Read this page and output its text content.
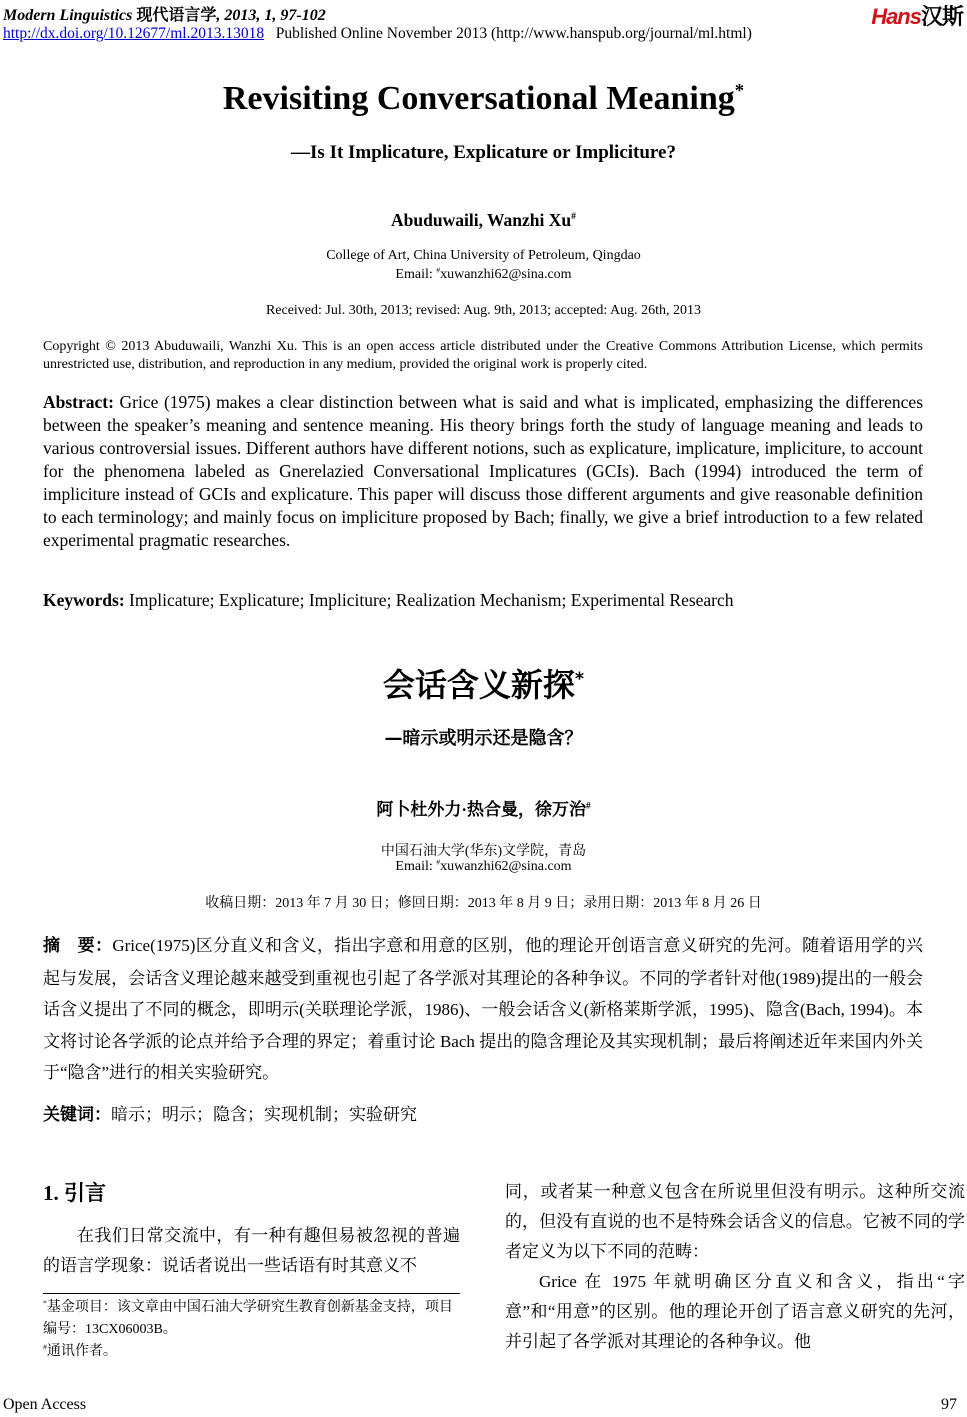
Modern Linguistics 现代语言学, 2013, 1, 97-102
http://dx.doi.org/10.12677/ml.2013.13018 Published Online November 2013 (http://www.hanspub.org/journal/ml.html)
Hans汉斯
Revisiting Conversational Meaning*
—Is It Implicature, Explicature or Impliciture?
Abuduwaili, Wanzhi Xu#
College of Art, China University of Petroleum, Qingdao
Email: #xuwanzhi62@sina.com
Received: Jul. 30th, 2013; revised: Aug. 9th, 2013; accepted: Aug. 26th, 2013
Copyright © 2013 Abuduwaili, Wanzhi Xu. This is an open access article distributed under the Creative Commons Attribution License, which permits unrestricted use, distribution, and reproduction in any medium, provided the original work is properly cited.
Abstract: Grice (1975) makes a clear distinction between what is said and what is implicated, emphasizing the differences between the speaker’s meaning and sentence meaning. His theory brings forth the study of language meaning and leads to various controversial issues. Different authors have different notions, such as explicature, implicature, impliciture, to account for the phenomena labeled as Gnerelazied Conversational Implicatures (GCIs). Bach (1994) introduced the term of impliciture instead of GCIs and explicature. This paper will discuss those different arguments and give reasonable definition to each terminology; and mainly focus on impliciture proposed by Bach; finally, we give a brief introduction to a few related experimental pragmatic researches.
Keywords: Implicature; Explicature; Impliciture; Realization Mechanism; Experimental Research
会话含义新探*
—暗示或明示还是隐含？
阿卜杜外力·热合曼，徐万治#
中国石油大学(华东)文学院，青岛
Email: #xuwanzhi62@sina.com
收稿日期：2013 年 7 月 30 日；修回日期：2013 年 8 月 9 日；录用日期：2013 年 8 月 26 日
摘　要：Grice(1975)区分直义和含义，指出字意和用意的区别，他的理论开创语言意义研究的先河。随着语用学的兴起与发展，会话含义理论越来越受到重视也引起了各学派对其理论的各种争议。不同的学者针对他(1989)提出的一般会话含义提出了不同的概念，即明示(关联理论学派，1986)、一般会话含义(新格莱斯学派，1995)、隐含(Bach, 1994)。本文将讨论各学派的论点并给予合理的界定；着重讨论 Bach 提出的隐含理论及其实现机制；最后将阐述近年来国内外关于“隐含”进行的相关实验研究。
关键词：暗示；明示；隐含；实现机制；实验研究
1. 引言
在我们日常交流中，有一种有趣但易被忽视的普遍的语言学现象：说话者说出一些话语有时其意义不
同，或者某一种意义包含在所说里但没有明示。这种所交流的，但没有直说的也不是特殊会话含义的信息。它被不同的学者定义为以下不同的范畴：
Grice 在 1975 年就明确区分直义和含义，指出“字意”和“用意”的区别。他的理论开创了语言意义研究的先河，并引起了各学派对其理论的各种争议。他
*基金项目：该文章由中国石油大学研究生教育创新基金支持，项目编号：13CX06003B。
#通讯作者。
Open Access	97
